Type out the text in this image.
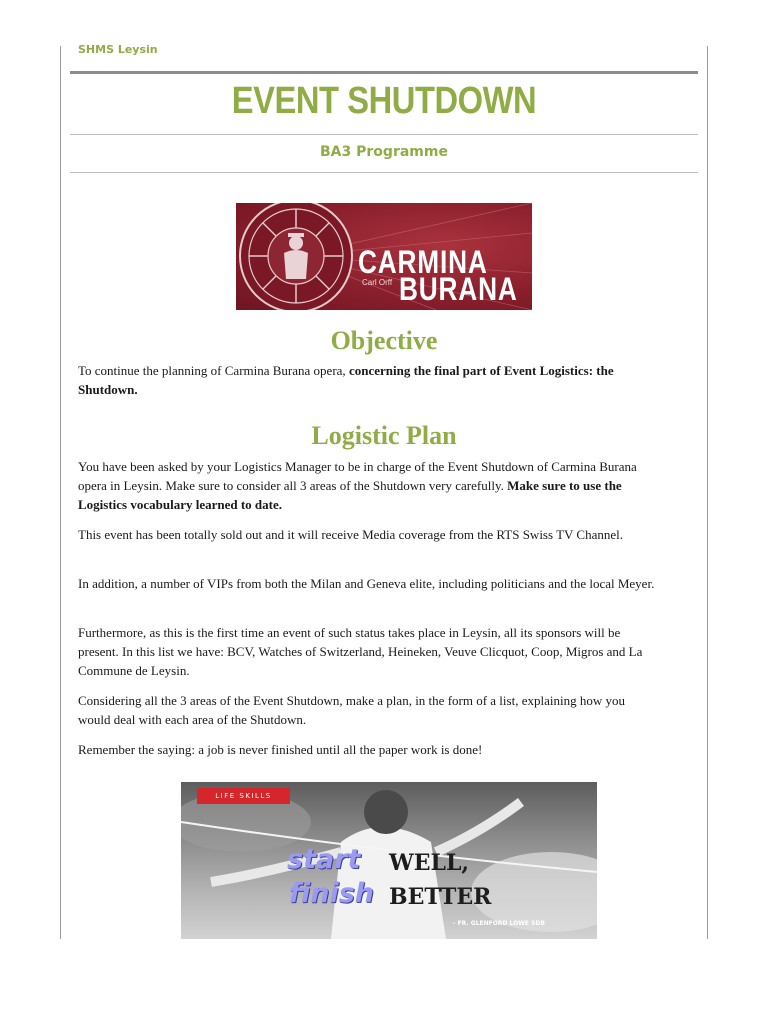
SHMS Leysin
EVENT SHUTDOWN
BA3 Programme
CARMINA
BURANA
Carl Orff
Objective
To continue the planning of Carmina Burana opera, concerning the final part of Event Logistics: the Shutdown.
Logistic Plan
You have been asked by your Logistics Manager to be in charge of the Event Shutdown of Carmina Burana opera in Leysin. Make sure to consider all 3 areas of the Shutdown very carefully. Make sure to use the Logistics vocabulary learned to date.
This event has been totally sold out and it will receive Media coverage from the RTS Swiss TV Channel.
In addition, a number of VIPs from both the Milan and Geneva elite, including politicians and the local Meyer.
Furthermore, as this is the first time an event of such status takes place in Leysin, all its sponsors will be present. In this list we have: BCV, Watches of Switzerland, Heineken, Veuve Clicquot, Coop, Migros and La Commune de Leysin.
Considering all the 3 areas of the Event Shutdown, make a plan, in the form of a list, explaining how you would deal with each area of the Shutdown.
Remember the saying: a job is never finished until all the paper work is done!
LIFE SKILLS
start WELL,
finish BETTER
- FR. GLENFORD LOWE SDB
